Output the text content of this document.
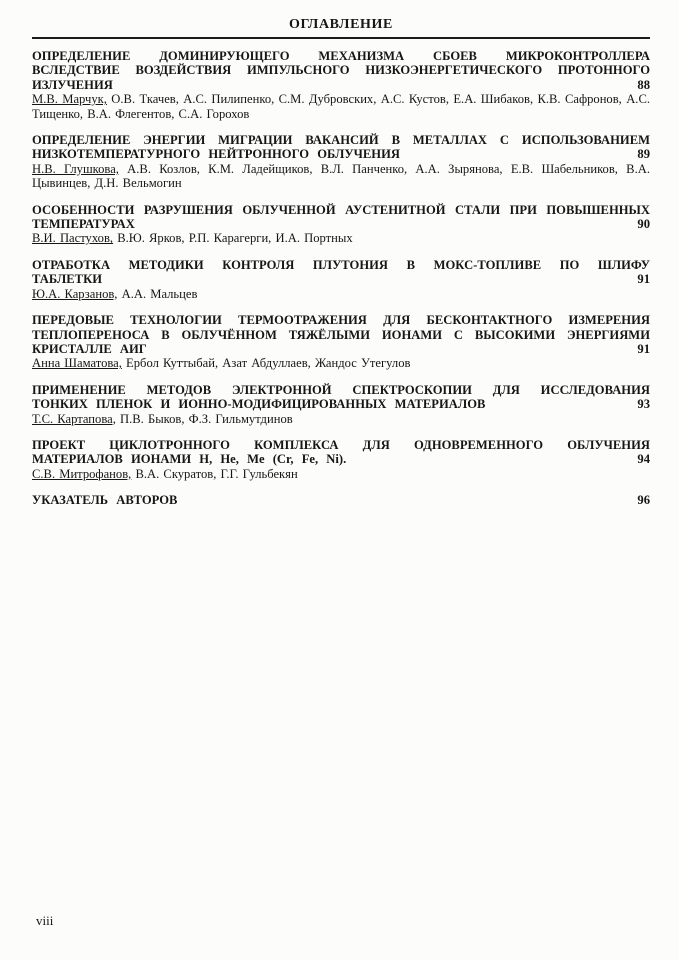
ОГЛАВЛЕНИЕ

ОПРЕДЕЛЕНИЕ ДОМИНИРУЮЩЕГО МЕХАНИЗМА СБОЕВ МИКРОКОНТРОЛЛЕРА ВСЛЕДСТВИЕ ВОЗДЕЙСТВИЯ ИМПУЛЬСНОГО НИЗКОЭНЕРГЕТИЧЕСКОГО ПРОТОННОГО ИЗЛУЧЕНИЯ	88

М.В. Марчук, О.В. Ткачев, А.С. Пилипенко, С.М. Дубровских, А.С. Кустов, Е.А. Шибаков, К.В. Сафронов, А.С. Тищенко, В.А. Флегентов, С.А. Горохов

ОПРЕДЕЛЕНИЕ ЭНЕРГИИ МИГРАЦИИ ВАКАНСИЙ В МЕТАЛЛАХ С ИСПОЛЬЗОВАНИЕМ НИЗКОТЕМПЕРАТУРНОГО НЕЙТРОННОГО ОБЛУЧЕНИЯ	89

Н.В. Глушкова, А.В. Козлов, К.М. Ладейщиков, В.Л. Панченко, А.А. Зырянова, Е.В. Шабельников, В.А. Цывинцев, Д.Н. Вельмогин

ОСОБЕННОСТИ РАЗРУШЕНИЯ ОБЛУЧЕННОЙ АУСТЕНИТНОЙ СТАЛИ ПРИ ПОВЫШЕННЫХ ТЕМПЕРАТУРАХ	90

В.И. Пастухов, В.Ю. Ярков, Р.П. Карагерги, И.А. Портных

ОТРАБОТКА МЕТОДИКИ КОНТРОЛЯ ПЛУТОНИЯ В МОКС-ТОПЛИВЕ ПО ШЛИФУ ТАБЛЕТКИ	91

Ю.А. Карзанов, А.А. Мальцев

ПЕРЕДОВЫЕ ТЕХНОЛОГИИ ТЕРМООТРАЖЕНИЯ ДЛЯ БЕСКОНТАКТНОГО ИЗМЕРЕНИЯ ТЕПЛОПЕРЕНОСА В ОБЛУЧЁННОМ ТЯЖЁЛЫМИ ИОНАМИ С ВЫСОКИМИ ЭНЕРГИЯМИ КРИСТАЛЛЕ АИГ	91

Анна Шаматова, Ербол Куттыбай, Азат Абдуллаев, Жандос Утегулов

ПРИМЕНЕНИЕ МЕТОДОВ ЭЛЕКТРОННОЙ СПЕКТРОСКОПИИ ДЛЯ ИССЛЕДОВАНИЯ ТОНКИХ ПЛЕНОК И ИОННО-МОДИФИЦИРОВАННЫХ МАТЕРИАЛОВ	93

Т.С. Картапова, П.В. Быков, Ф.З. Гильмутдинов

ПРОЕКТ ЦИКЛОТРОННОГО КОМПЛЕКСА ДЛЯ ОДНОВРЕМЕННОГО ОБЛУЧЕНИЯ МАТЕРИАЛОВ ИОНАМИ H, He, Me (Cr, Fe, Ni).	94

С.В. Митрофанов, В.А. Скуратов, Г.Г. Гульбекян

УКАЗАТЕЛЬ АВТОРОВ	96

viii
